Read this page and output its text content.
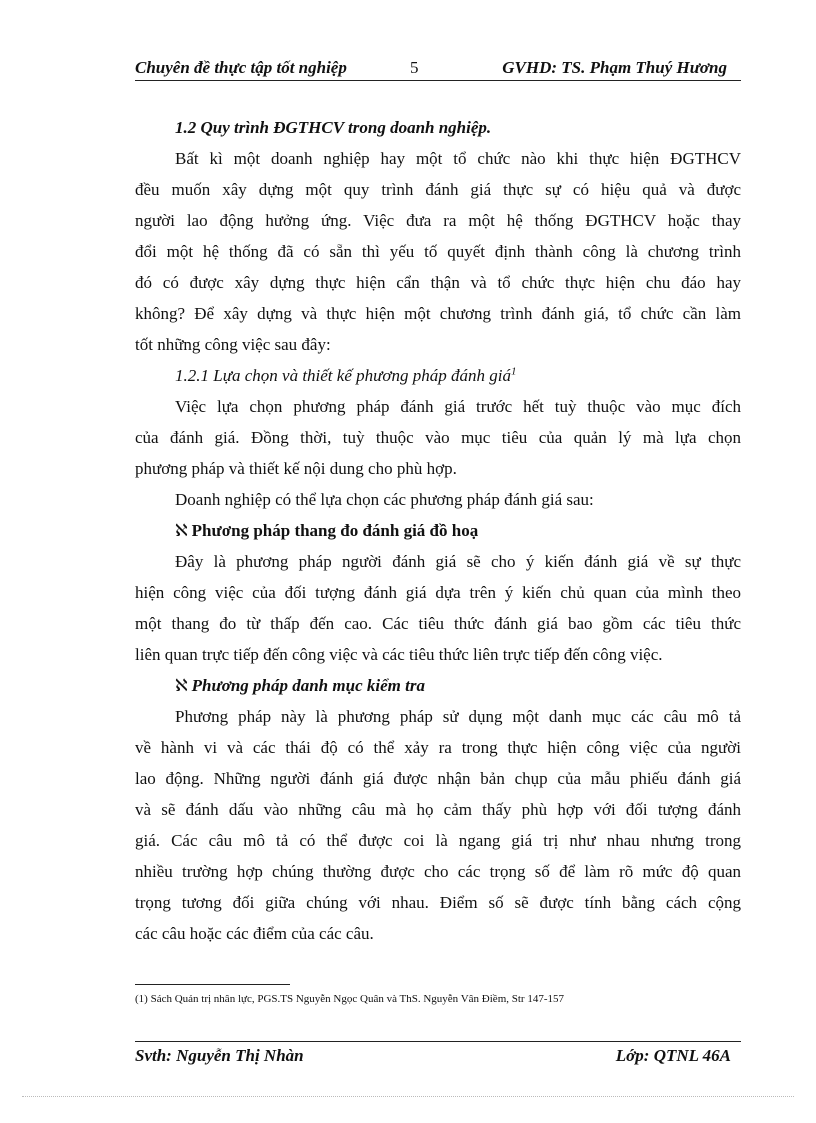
Chuyên đề thực tập tốt nghiệp	5	GVHD: TS. Phạm Thuý Hương
1.2 Quy trình ĐGTHCV trong doanh nghiệp.
Bất kì một doanh nghiệp hay một tổ chức nào khi thực hiện ĐGTHCV
đều muốn xây dựng một quy trình đánh giá thực sự có hiệu quả và được
người lao động hưởng ứng. Việc đưa ra một hệ thống ĐGTHCV hoặc thay
đổi một hệ thống đã có sẵn thì yếu tố quyết định thành công là chương trình
đó có được xây dựng thực hiện cẩn thận và tổ chức thực hiện chu đáo hay
không? Để xây dựng và thực hiện một chương trình đánh giá, tổ chức cần làm
tốt những công việc sau đây:
1.2.1 Lựa chọn và thiết kế phương pháp đánh giá$^1$
Việc lựa chọn phương pháp đánh giá trước hết tuỳ thuộc vào mục đích
của đánh giá. Đồng thời, tuỳ thuộc vào mục tiêu của quản lý mà lựa chọn
phương pháp và thiết kế nội dung cho phù hợp.
Doanh nghiệp có thể lựa chọn các phương pháp đánh giá sau:
ℵ Phương pháp thang đo đánh giá đồ hoạ
Đây là phương pháp người đánh giá sẽ cho ý kiến đánh giá về sự thực
hiện công việc của đối tượng đánh giá dựa trên ý kiến chủ quan của mình theo
một thang đo từ thấp đến cao. Các tiêu thức đánh giá bao gồm các tiêu thức
liên quan trực tiếp đến công việc và các tiêu thức liên trực tiếp đến công việc.
ℵ Phương pháp danh mục kiểm tra
Phương pháp này là phương pháp sử dụng một danh mục các câu mô tả
về hành vi và các thái độ có thể xảy ra trong thực hiện công việc của người
lao động. Những người đánh giá được nhận bản chụp của mẫu phiếu đánh giá
và sẽ đánh dấu vào những câu mà họ cảm thấy phù hợp với đối tượng đánh
giá. Các câu mô tả có thể được coi là ngang giá trị như nhau nhưng trong
nhiều trường hợp chúng thường được cho các trọng số để làm rõ mức độ quan
trọng tương đối giữa chúng với nhau. Điểm số sẽ được tính bằng cách cộng
các câu hoặc các điểm của các câu.
(1) Sách Quản trị nhân lực, PGS.TS Nguyễn Ngọc Quân và ThS. Nguyễn Vân Điềm, Str 147-157
Svth: Nguyễn Thị Nhàn	Lớp: QTNL 46A
